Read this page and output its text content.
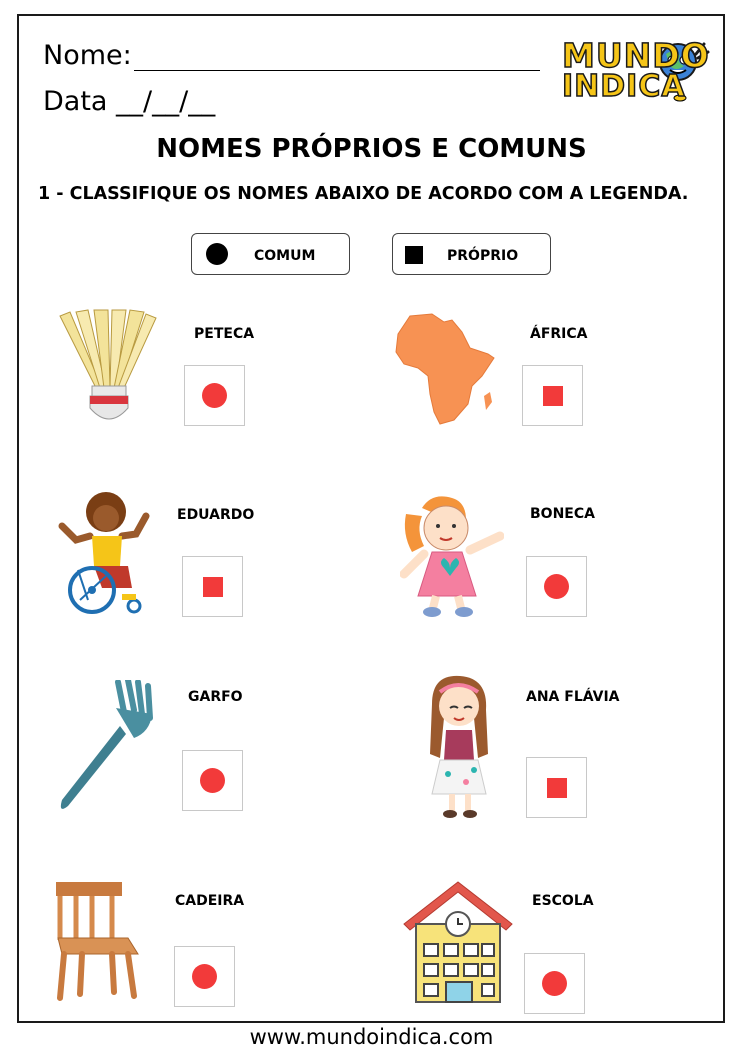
Nome:
Data __/__/__
MUNDO
INDICA
NOMES PRÓPRIOS E COMUNS
1 - CLASSIFIQUE OS NOMES ABAIXO DE ACORDO COM A LEGENDA.
COMUM	PRÓPRIO
PETECA	ÁFRICA
EDUARDO	BONECA
GARFO	ANA FLÁVIA
CADEIRA	ESCOLA
www.mundoindica.com
